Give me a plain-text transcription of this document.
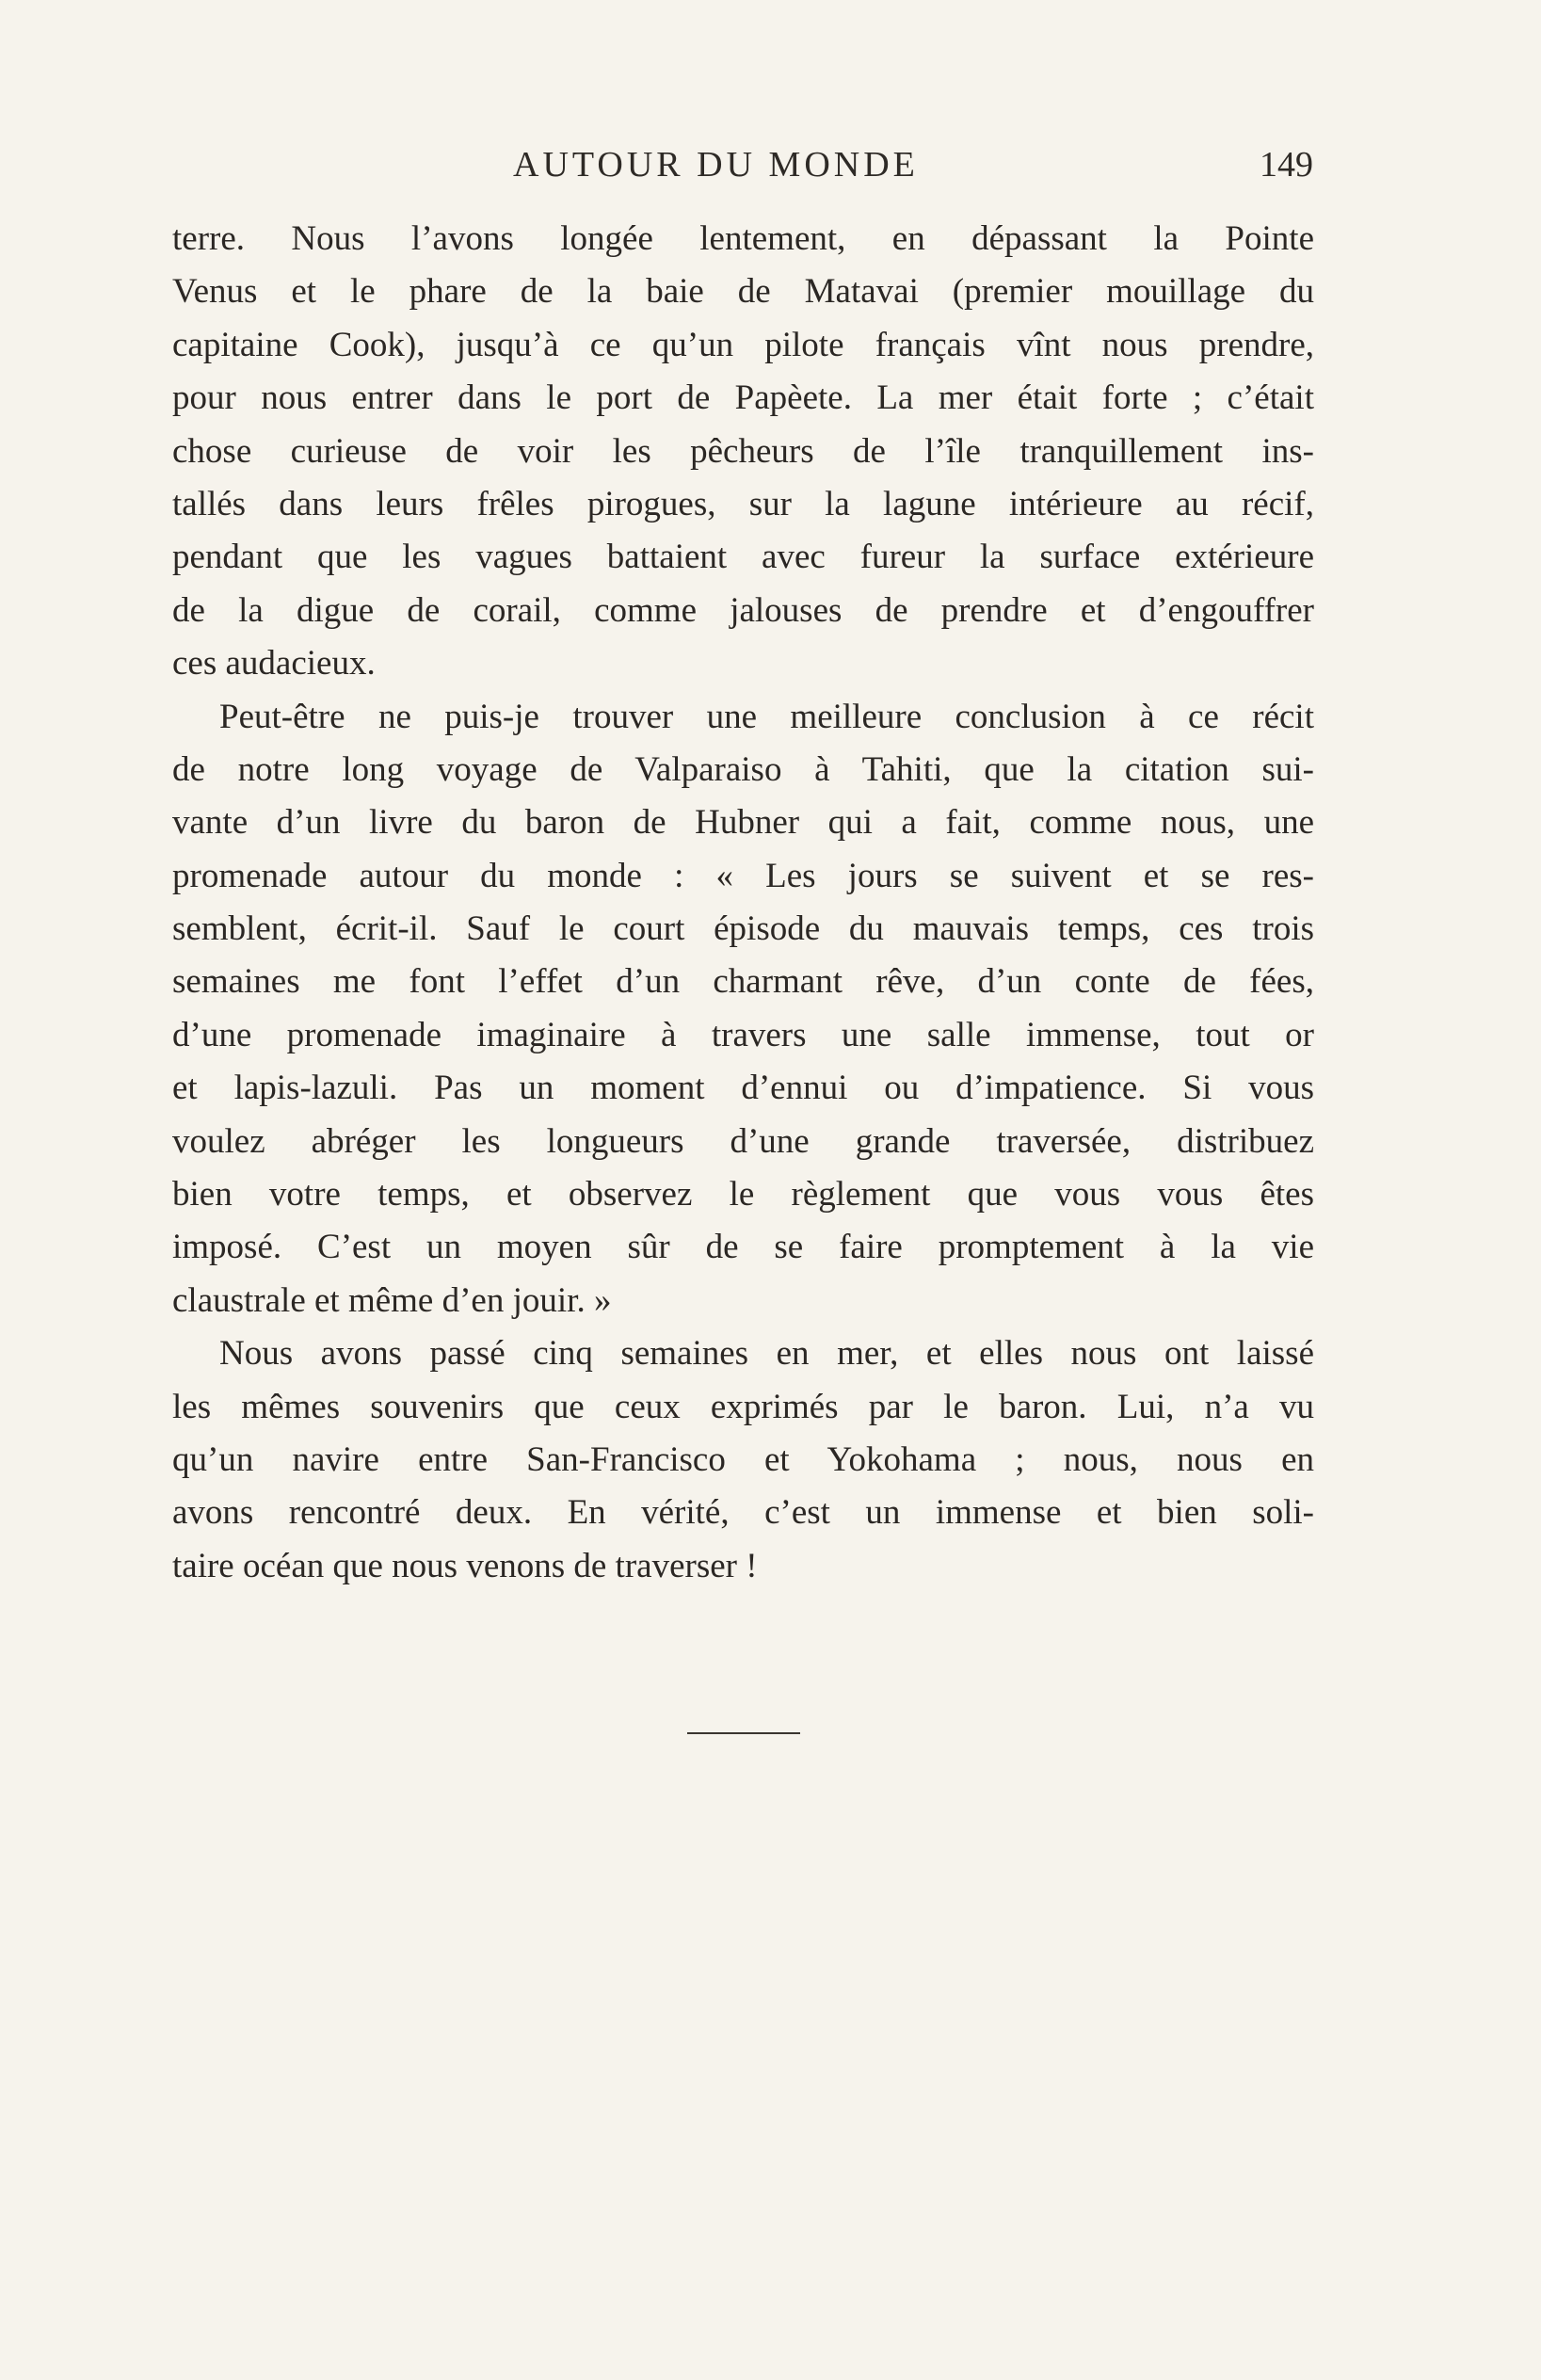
AUTOUR DU MONDE	149
terre. Nous l’avons longée lentement, en dépassant la Pointe
Venus et le phare de la baie de Matavai (premier mouillage du
capitaine Cook), jusqu’à ce qu’un pilote français vînt nous prendre,
pour nous entrer dans le port de Papèete. La mer était forte ; c’était
chose curieuse de voir les pêcheurs de l’île tranquillement ins-
tallés dans leurs frêles pirogues, sur la lagune intérieure au récif,
pendant que les vagues battaient avec fureur la surface extérieure
de la digue de corail, comme jalouses de prendre et d’engouffrer
ces audacieux.
Peut-être ne puis-je trouver une meilleure conclusion à ce récit
de notre long voyage de Valparaiso à Tahiti, que la citation sui-
vante d’un livre du baron de Hubner qui a fait, comme nous, une
promenade autour du monde : « Les jours se suivent et se res-
semblent, écrit-il. Sauf le court épisode du mauvais temps, ces trois
semaines me font l’effet d’un charmant rêve, d’un conte de fées,
d’une promenade imaginaire à travers une salle immense, tout or
et lapis-lazuli. Pas un moment d’ennui ou d’impatience. Si vous
voulez abréger les longueurs d’une grande traversée, distribuez
bien votre temps, et observez le règlement que vous vous êtes
imposé. C’est un moyen sûr de se faire promptement à la vie
claustrale et même d’en jouir. »
Nous avons passé cinq semaines en mer, et elles nous ont laissé
les mêmes souvenirs que ceux exprimés par le baron. Lui, n’a vu
qu’un navire entre San-Francisco et Yokohama ; nous, nous en
avons rencontré deux. En vérité, c’est un immense et bien soli-
taire océan que nous venons de traverser !
